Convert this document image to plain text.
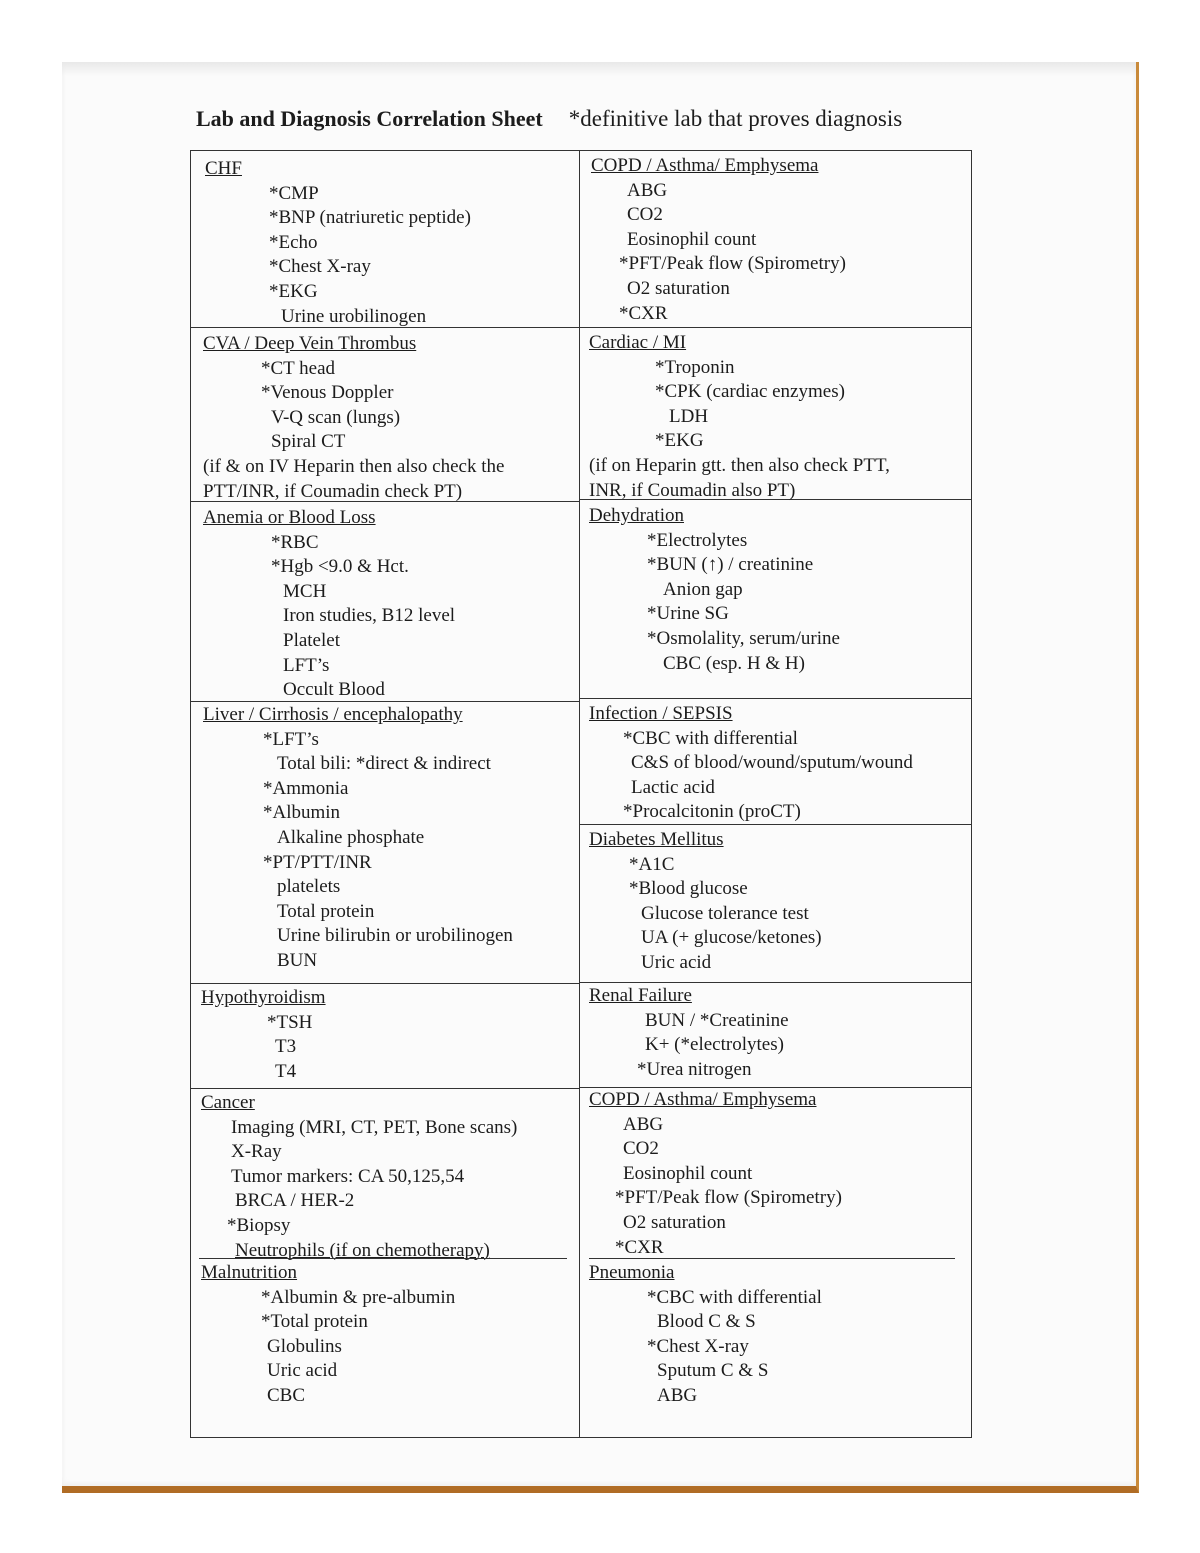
Lab and Diagnosis Correlation Sheet *definitive lab that proves diagnosis
CHF
*CMP
*BNP (natriuretic peptide)
*Echo
*Chest X-ray
*EKG
Urine urobilinogen
COPD / Asthma/ Emphysema
ABG
CO2
Eosinophil count
*PFT/Peak flow (Spirometry)
O2 saturation
*CXR
CVA / Deep Vein Thrombus
*CT head
*Venous Doppler
V-Q scan (lungs)
Spiral CT
(if & on IV Heparin then also check the
PTT/INR, if Coumadin check PT)
Cardiac / MI
*Troponin
*CPK (cardiac enzymes)
LDH
*EKG
(if on Heparin gtt. then also check PTT,
INR, if Coumadin also PT)
Anemia or Blood Loss
*RBC
*Hgb <9.0 & Hct.
MCH
Iron studies, B12 level
Platelet
LFT’s
Occult Blood
Dehydration
*Electrolytes
*BUN (↑) / creatinine
Anion gap
*Urine SG
*Osmolality, serum/urine
CBC (esp. H & H)
Liver / Cirrhosis / encephalopathy
*LFT’s
Total bili: *direct & indirect
*Ammonia
*Albumin
Alkaline phosphate
*PT/PTT/INR
platelets
Total protein
Urine bilirubin or urobilinogen
BUN
Infection / SEPSIS
*CBC with differential
C&S of blood/wound/sputum/wound
Lactic acid
*Procalcitonin (proCT)
Diabetes Mellitus
*A1C
*Blood glucose
Glucose tolerance test
UA (+ glucose/ketones)
Uric acid
Hypothyroidism
*TSH
T3
T4
Renal Failure
BUN / *Creatinine
K+ (*electrolytes)
*Urea nitrogen
Cancer
Imaging (MRI, CT, PET, Bone scans)
X-Ray
Tumor markers: CA 50,125,54
BRCA / HER-2
*Biopsy
Neutrophils (if on chemotherapy)
COPD / Asthma/ Emphysema
ABG
CO2
Eosinophil count
*PFT/Peak flow (Spirometry)
O2 saturation
*CXR
Malnutrition
*Albumin & pre-albumin
*Total protein
Globulins
Uric acid
CBC
Pneumonia
*CBC with differential
Blood C & S
*Chest X-ray
Sputum C & S
ABG
